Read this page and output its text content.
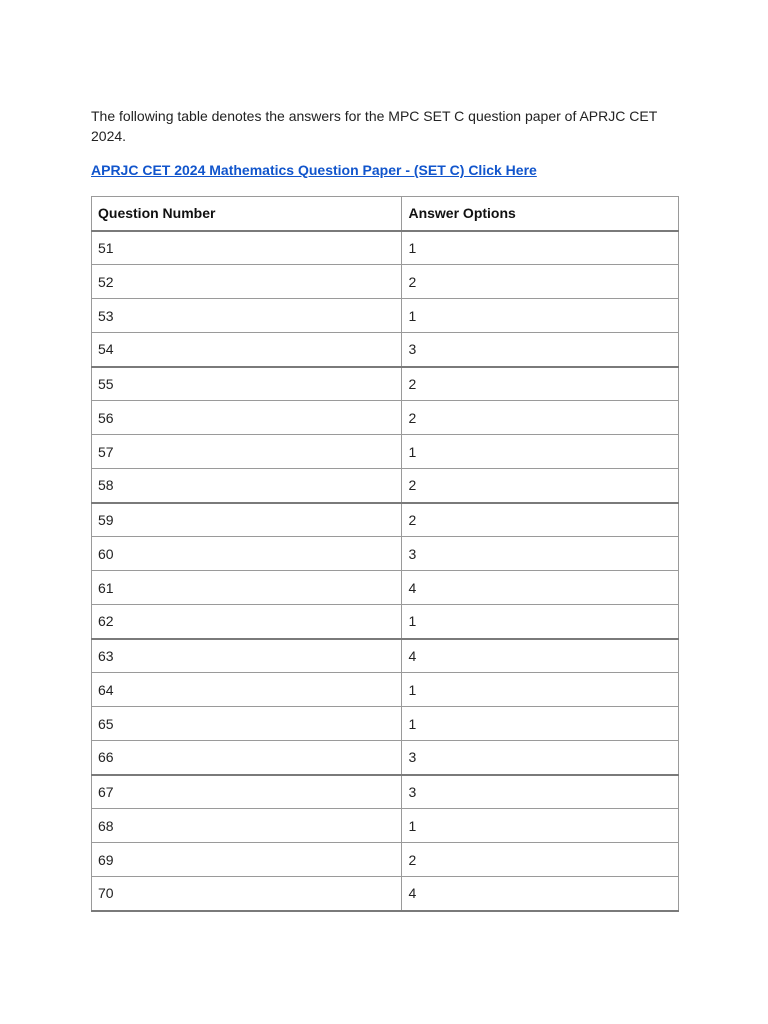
The following table denotes the answers for the MPC SET C question paper of APRJC CET 2024.

APRJC CET 2024 Mathematics Question Paper - (SET C) Click Here
Question Number	Answer Options
51	1
52	2
53	1
54	3
55	2
56	2
57	1
58	2
59	2
60	3
61	4
62	1
63	4
64	1
65	1
66	3
67	3
68	1
69	2
70	4
